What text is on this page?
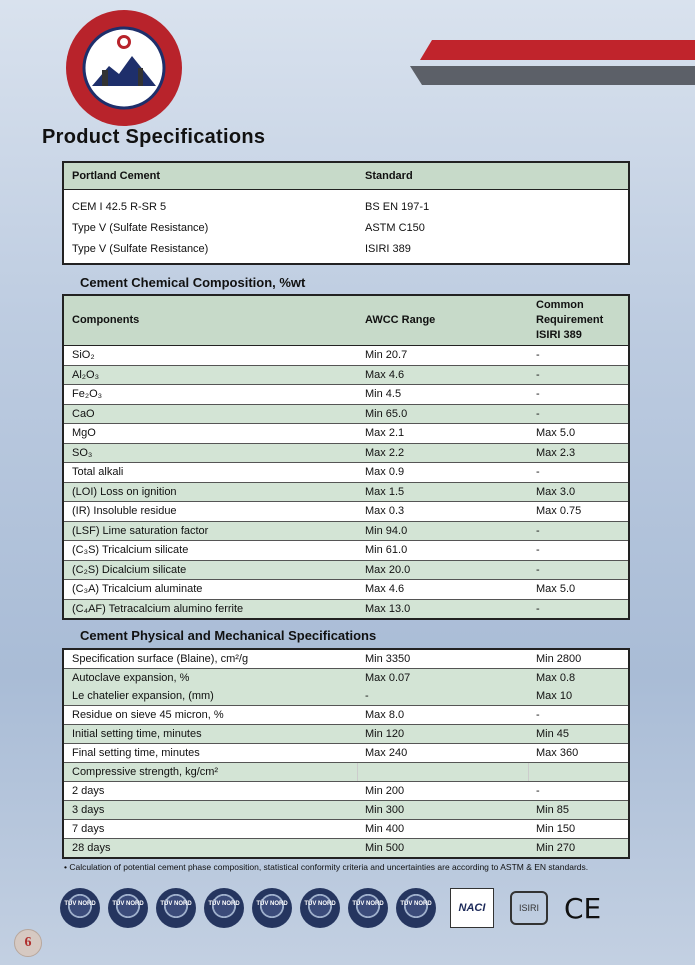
Product Specifications
Portland Cement	Standard
CEM I 42.5 R-SR 5	BS EN 197-1
Type V (Sulfate Resistance)	ASTM C150
Type V (Sulfate Resistance)	ISIRI 389
Cement Chemical Composition, %wt
Components	AWCC Range	Common Requirement ISIRI 389
SiO₂	Min 20.7	-
Al₂O₃	Max 4.6	-
Fe₂O₃	Min 4.5	-
CaO	Min 65.0	-
MgO	Max 2.1	Max 5.0
SO₃	Max 2.2	Max 2.3
Total alkali	Max 0.9	-
(LOI) Loss on ignition	Max 1.5	Max 3.0
(IR) Insoluble residue	Max 0.3	Max 0.75
(LSF) Lime saturation factor	Min 94.0	-
(C₃S) Tricalcium silicate	Min 61.0	-
(C₂S) Dicalcium silicate	Max 20.0	-
(C₃A) Tricalcium aluminate	Max 4.6	Max 5.0
(C₄AF) Tetracalcium alumino ferrite	Max 13.0	-
Cement Physical and Mechanical Specifications
Specification surface (Blaine), cm²/g	Min 3350	Min 2800
Autoclave expansion, %	Max 0.07	Max 0.8
Le chatelier expansion, (mm)	-	Max 10
Residue on sieve 45 micron, %	Max 8.0	-
Initial setting time, minutes	Min 120	Min 45
Final setting time, minutes	Max 240	Max 360
Compressive strength, kg/cm²		
2 days	Min 200	-
3 days	Min 300	Min 85
7 days	Min 400	Min 150
28 days	Min 500	Min 270
• Calculation of potential cement phase composition, statistical conformity criteria and uncertainties are according to ASTM & EN standards.
TÜV NORD	TÜV NORD	TÜV NORD	TÜV NORD	TÜV NORD	TÜV NORD	TÜV NORD	TÜV NORD	NACI	ISIRI CE
6
